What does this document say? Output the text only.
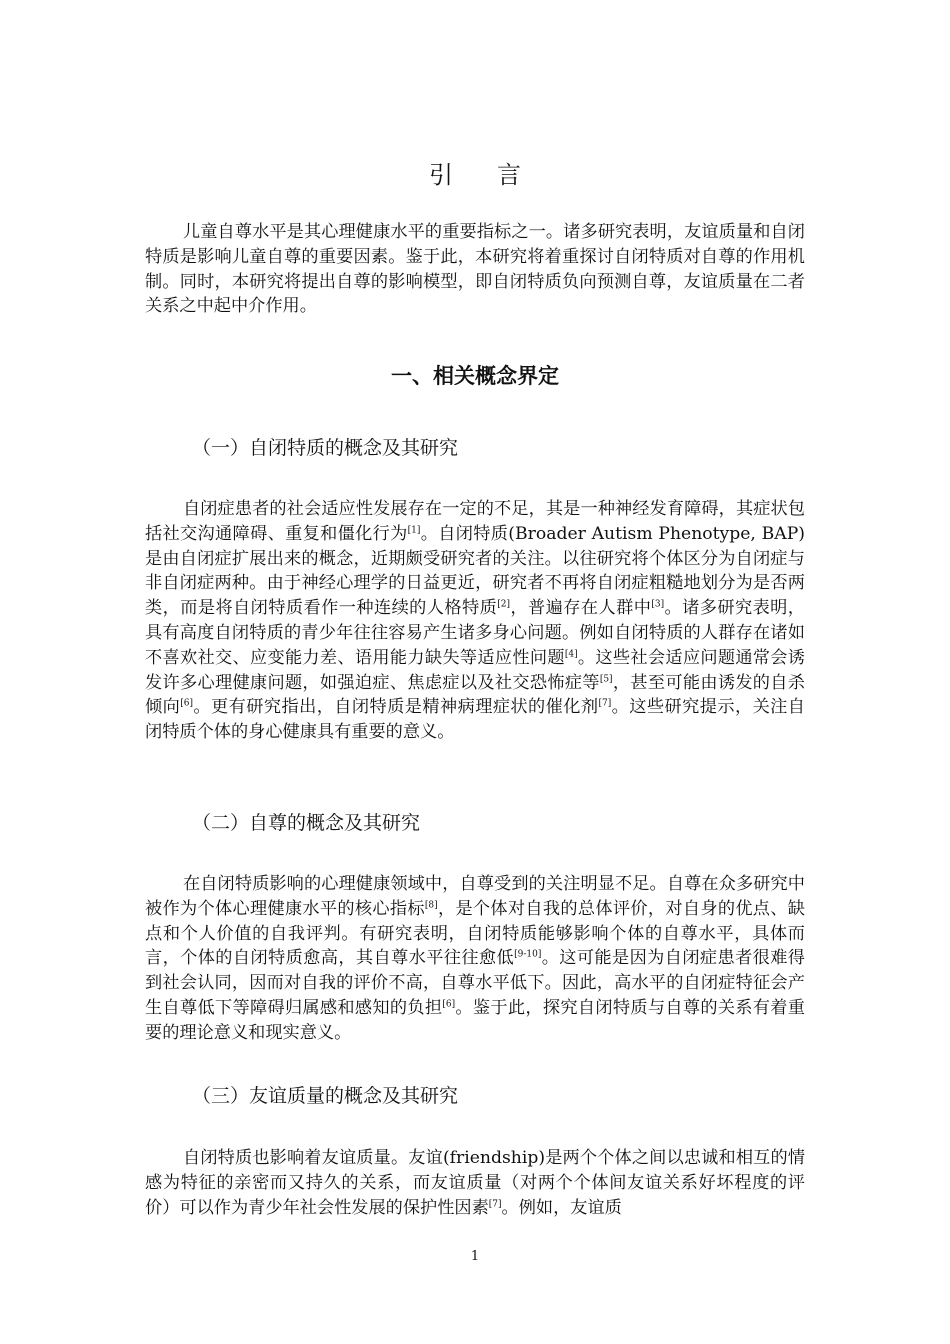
引言

儿童自尊水平是其心理健康水平的重要指标之一。诸多研究表明，友谊质量和自闭特质是影响儿童自尊的重要因素。鉴于此，本研究将着重探讨自闭特质对自尊的作用机制。同时，本研究将提出自尊的影响模型，即自闭特质负向预测自尊，友谊质量在二者关系之中起中介作用。

一、相关概念界定
（一）自闭特质的概念及其研究

自闭症患者的社会适应性发展存在一定的不足，其是一种神经发育障碍，其症状包括社交沟通障碍、重复和僵化行为[1]。自闭特质(Broader Autism Phenotype, BAP)是由自闭症扩展出来的概念，近期颇受研究者的关注。以往研究将个体区分为自闭症与非自闭症两种。由于神经心理学的日益更近，研究者不再将自闭症粗糙地划分为是否两类，而是将自闭特质看作一种连续的人格特质[2]，普遍存在人群中[3]。诸多研究表明，具有高度自闭特质的青少年往往容易产生诸多身心问题。例如自闭特质的人群存在诸如不喜欢社交、应变能力差、语用能力缺失等适应性问题[4]。这些社会适应问题通常会诱发许多心理健康问题，如强迫症、焦虑症以及社交恐怖症等[5]，甚至可能由诱发的自杀倾向[6]。更有研究指出，自闭特质是精神病理症状的催化剂[7]。这些研究提示，关注自闭特质个体的身心健康具有重要的意义。

（二）自尊的概念及其研究

在自闭特质影响的心理健康领域中，自尊受到的关注明显不足。自尊在众多研究中被作为个体心理健康水平的核心指标[8]，是个体对自我的总体评价，对自身的优点、缺点和个人价值的自我评判。有研究表明，自闭特质能够影响个体的自尊水平，具体而言，个体的自闭特质愈高，其自尊水平往往愈低[9-10]。这可能是因为自闭症患者很难得到社会认同，因而对自我的评价不高，自尊水平低下。因此，高水平的自闭症特征会产生自尊低下等障碍归属感和感知的负担[6]。鉴于此，探究自闭特质与自尊的关系有着重要的理论意义和现实意义。

（三）友谊质量的概念及其研究

自闭特质也影响着友谊质量。友谊(friendship)是两个个体之间以忠诚和相互的情感为特征的亲密而又持久的关系，而友谊质量（对两个个体间友谊关系好坏程度的评价）可以作为青少年社会性发展的保护性因素[7]。例如，友谊质

1
